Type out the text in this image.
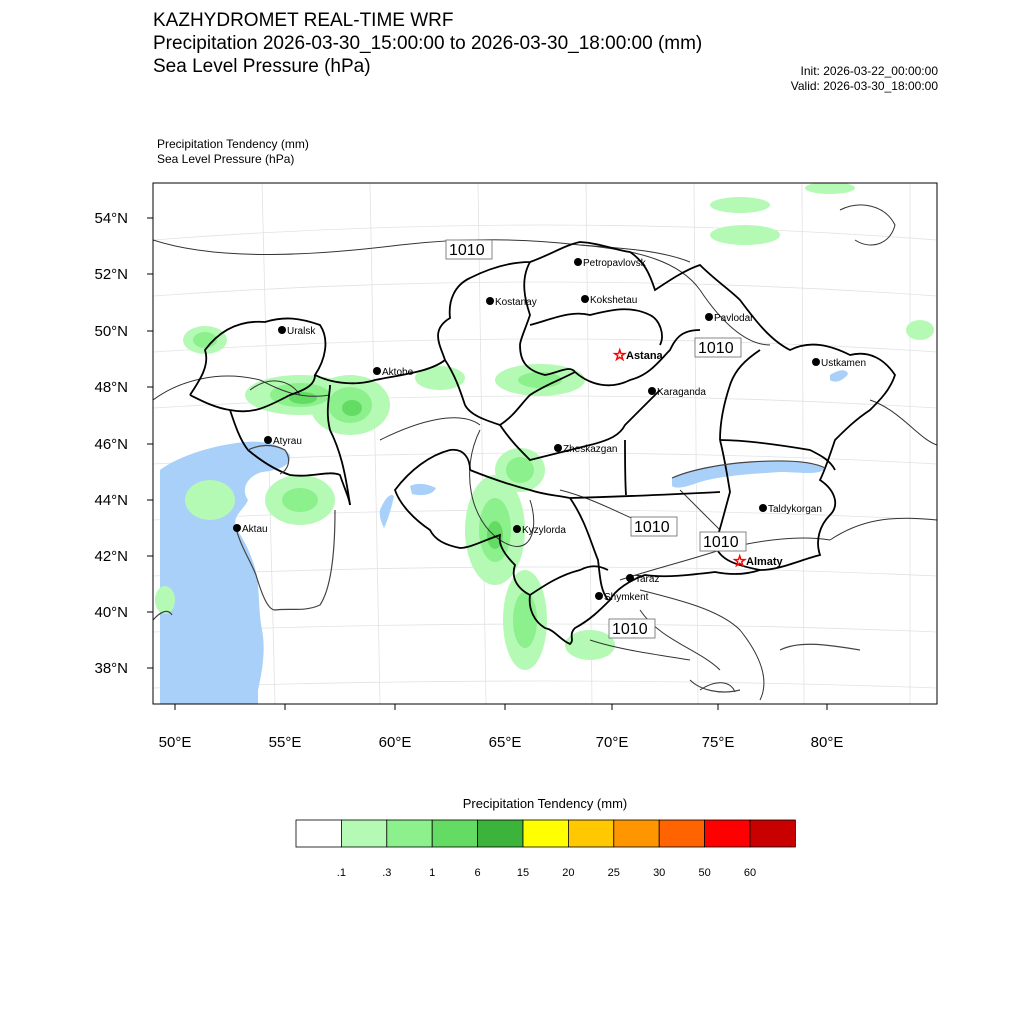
KAZHYDROMET REAL-TIME WRF
Precipitation 2026-03-30_15:00:00 to 2026-03-30_18:00:00 (mm)
Sea Level Pressure (hPa)	Init: 2026-03-22_00:00:00
Valid: 2026-03-30_18:00:00
Precipitation Tendency (mm)
Sea Level Pressure (hPa)
54°N
52°N
50°N
48°N
46°N
44°N
42°N
40°N
38°N
50°E	55°E	60°E	65°E	70°E	75°E	80°E
1010
1010
1010
1010
1010
Uralsk
Aktobe
Atyrau
Aktau
Kostanay
Petropavlovsk
Kokshetau
Pavlodar
☆ Astana
Ustkamen
Karaganda
Zheskazgan
Kyzylorda
Taldykorgan
☆ Almaty
Taraz
Shymkent
Precipitation Tendency (mm)
.1	.3	1	6	15	20	25	30	50	60
